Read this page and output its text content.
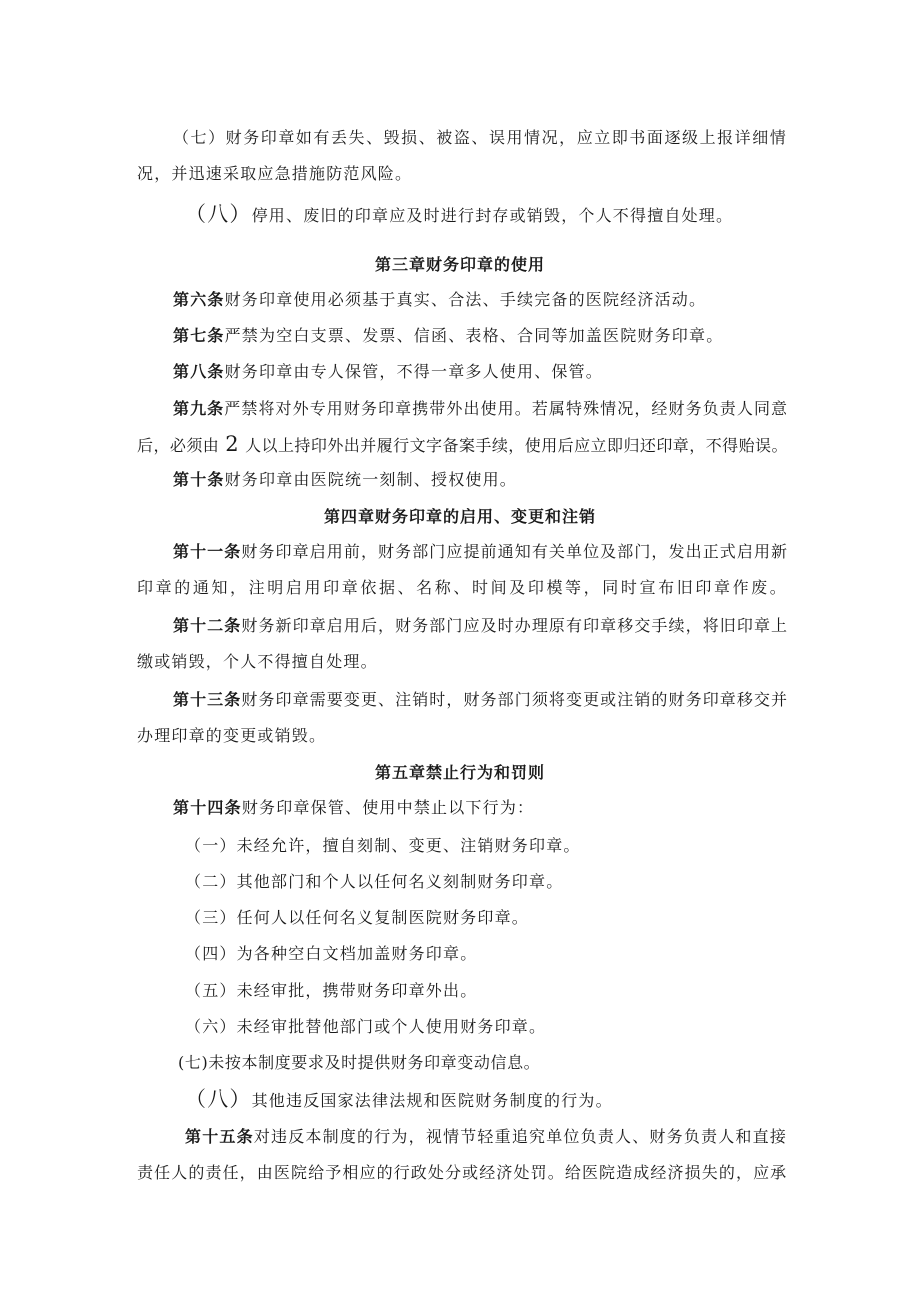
（七）财务印章如有丢失、毁损、被盗、误用情况，应立即书面逐级上报详细情
况，并迅速采取应急措施防范风险。
（八）停用、废旧的印章应及时进行封存或销毁，个人不得擅自处理。
第三章财务印章的使用
第六条财务印章使用必须基于真实、合法、手续完备的医院经济活动。
第七条严禁为空白支票、发票、信函、表格、合同等加盖医院财务印章。
第八条财务印章由专人保管，不得一章多人使用、保管。
第九条严禁将对外专用财务印章携带外出使用。若属特殊情况，经财务负责人同意
后，必须由 2 人以上持印外出并履行文字备案手续，使用后应立即归还印章，不得贻误。
第十条财务印章由医院统一刻制、授权使用。
第四章财务印章的启用、变更和注销
第十一条财务印章启用前，财务部门应提前通知有关单位及部门，发出正式启用新
印章的通知，注明启用印章依据、名称、时间及印模等，同时宣布旧印章作废。
第十二条财务新印章启用后，财务部门应及时办理原有印章移交手续，将旧印章上
缴或销毁，个人不得擅自处理。
第十三条财务印章需要变更、注销时，财务部门须将变更或注销的财务印章移交并
办理印章的变更或销毁。
第五章禁止行为和罚则
第十四条财务印章保管、使用中禁止以下行为：
（一）未经允许，擅自刻制、变更、注销财务印章。
（二）其他部门和个人以任何名义刻制财务印章。
（三）任何人以任何名义复制医院财务印章。
（四）为各种空白文档加盖财务印章。
（五）未经审批，携带财务印章外出。
（六）未经审批替他部门或个人使用财务印章。
(七)未按本制度要求及时提供财务印章变动信息。
（八）其他违反国家法律法规和医院财务制度的行为。
第十五条对违反本制度的行为，视情节轻重追究单位负责人、财务负责人和直接
责任人的责任，由医院给予相应的行政处分或经济处罚。给医院造成经济损失的，应承
